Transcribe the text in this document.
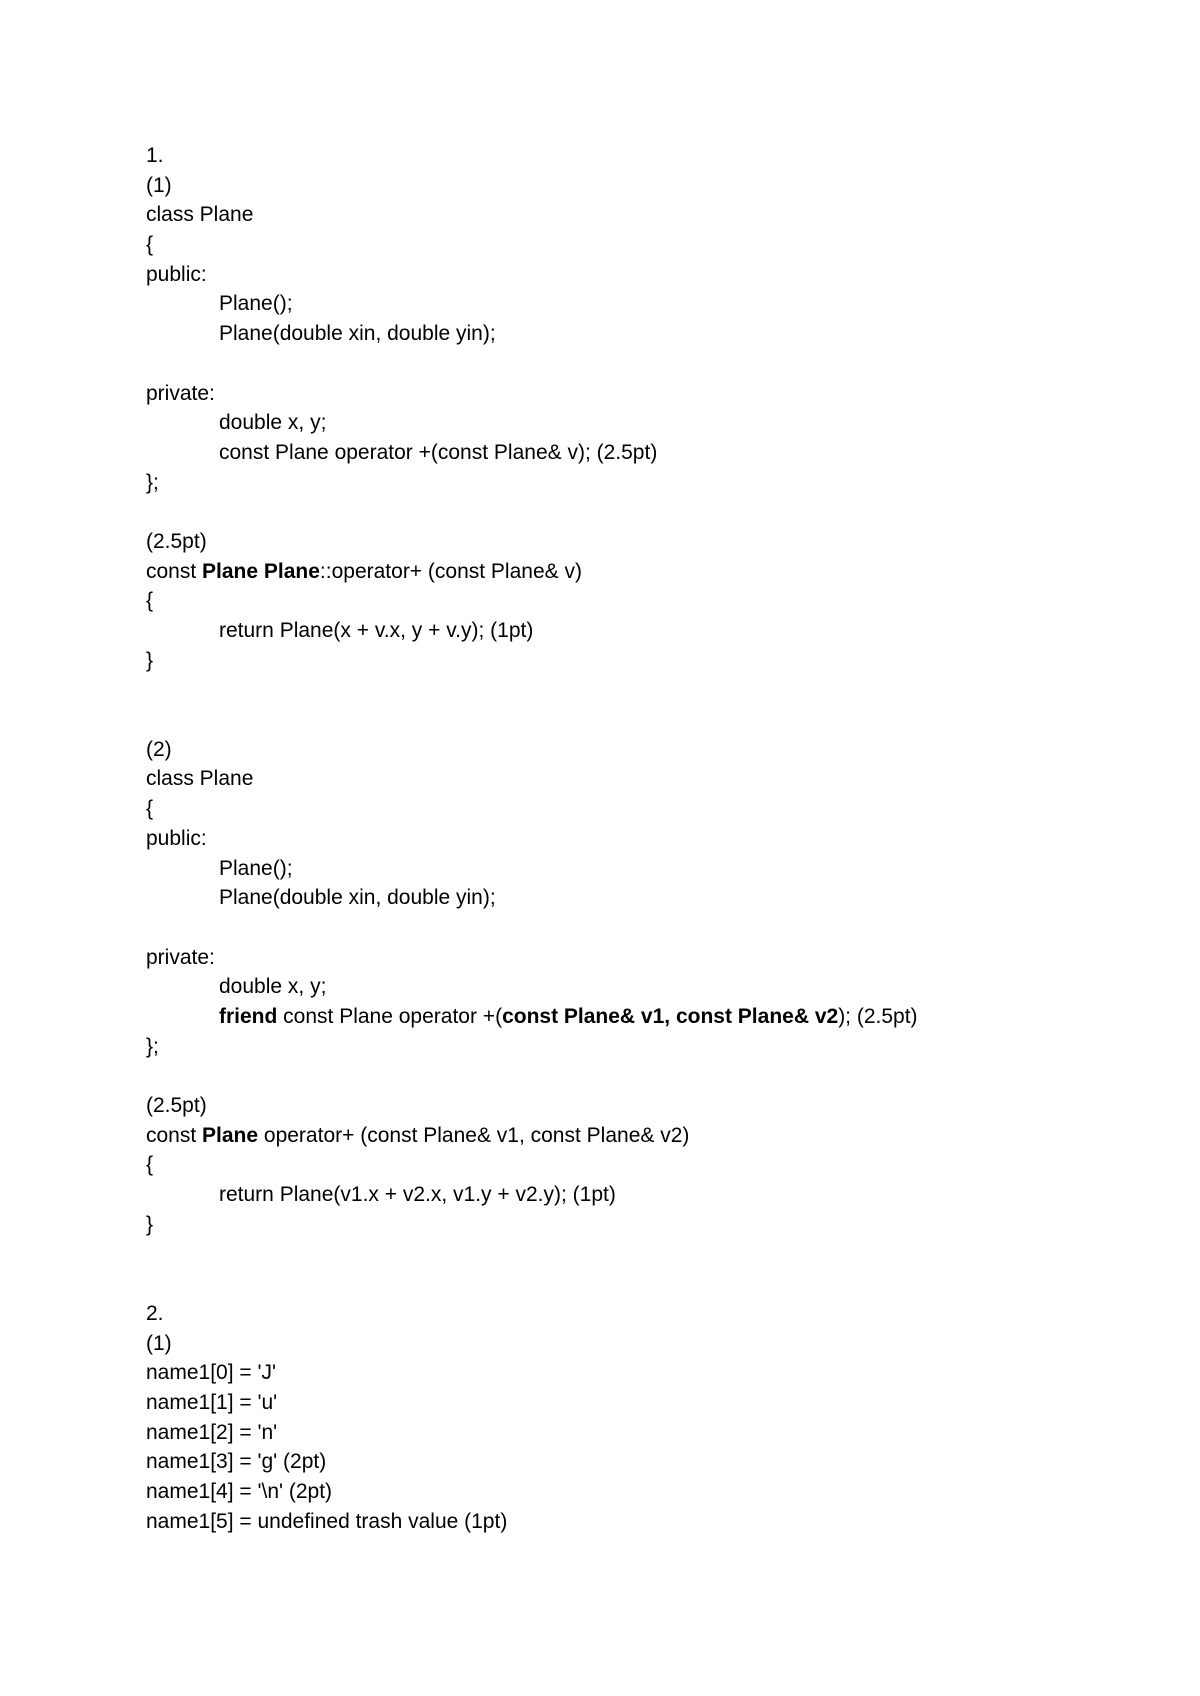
1.
(1)
class Plane
{
public:
Plane();
Plane(double xin, double yin);
private:
double x, y;
const Plane operator +(const Plane& v); (2.5pt)
};
(2.5pt)
const Plane Plane::operator+ (const Plane& v)
{
return Plane(x + v.x, y + v.y); (1pt)
}
(2)
class Plane
{
public:
Plane();
Plane(double xin, double yin);
private:
double x, y;
friend const Plane operator +(const Plane& v1, const Plane& v2); (2.5pt)
};
(2.5pt)
const Plane operator+ (const Plane& v1, const Plane& v2)
{
return Plane(v1.x + v2.x, v1.y + v2.y); (1pt)
}
2.
(1)
name1[0] = 'J'
name1[1] = 'u'
name1[2] = 'n'
name1[3] = 'g' (2pt)
name1[4] = '\n' (2pt)
name1[5] = undefined trash value (1pt)
